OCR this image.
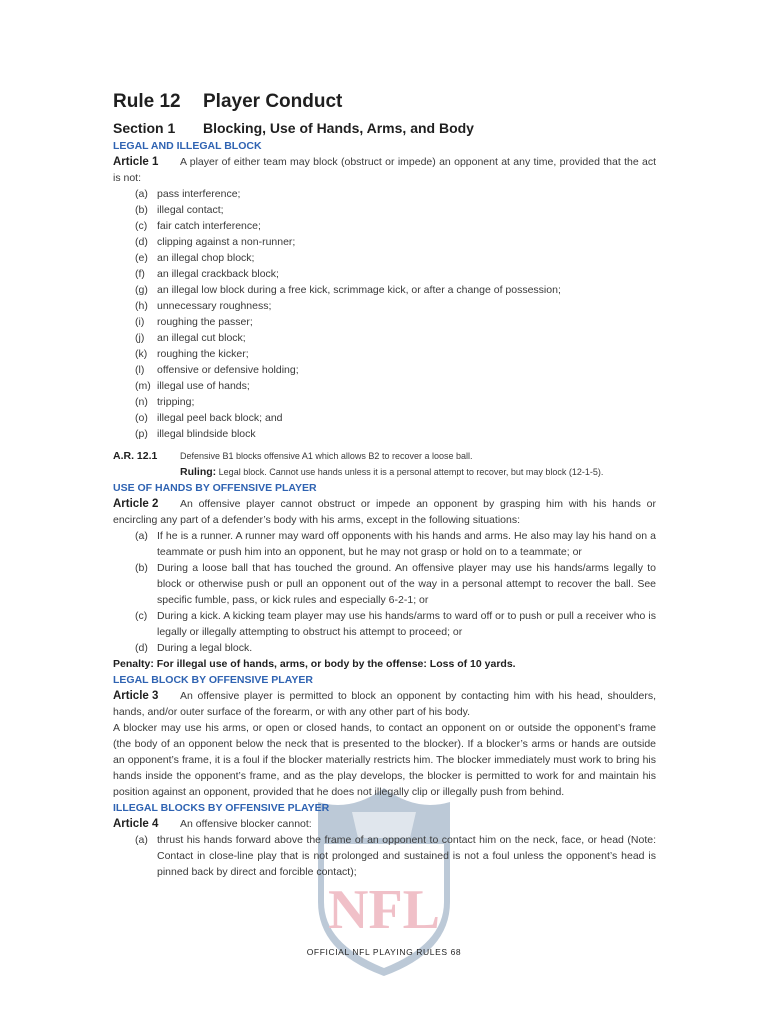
NFL
Rule 12 Player Conduct
Section 1 Blocking, Use of Hands, Arms, and Body
LEGAL AND ILLEGAL BLOCK

Article 1 A player of either team may block (obstruct or impede) an opponent at any time, provided that the act is not:

(a) pass interference;
(b) illegal contact;
(c) fair catch interference;
(d) clipping against a non-runner;
(e) an illegal chop block;
(f)	an illegal crackback block;
(g) an illegal low block during a free kick, scrimmage kick, or after a change of possession;
(h) unnecessary roughness;
(i)	roughing the passer;
(j)	an illegal cut block;
(k) roughing the kicker;
(l)	offensive or defensive holding;
(m) illegal use of hands;
(n) tripping;
(o) illegal peel back block; and
(p) illegal blindside block
A.R. 12.1	Defensive B1 blocks offensive A1 which allows B2 to recover a loose ball.
Ruling: Legal block. Cannot use hands unless it is a personal attempt to recover, but may block (12-1-5).
USE OF HANDS BY OFFENSIVE PLAYER

Article 2 An offensive player cannot obstruct or impede an opponent by grasping him with his hands or encircling any part of a defender’s body with his arms, except in the following situations:

(a) If he is a runner. A runner may ward off opponents with his hands and arms. He also may lay his hand on a teammate or push him into an opponent, but he may not grasp or hold on to a teammate; or
(b) During a loose ball that has touched the ground. An offensive player may use his hands/arms legally to block or otherwise push or pull an opponent out of the way in a personal attempt to recover the ball. See specific fumble, pass, or kick rules and especially 6-2-1; or
(c) During a kick. A kicking team player may use his hands/arms to ward off or to push or pull a receiver who is legally or illegally attempting to obstruct his attempt to proceed; or
(d) During a legal block.

Penalty: For illegal use of hands, arms, or body by the offense: Loss of 10 yards.

LEGAL BLOCK BY OFFENSIVE PLAYER

Article 3 An offensive player is permitted to block an opponent by contacting him with his head, shoulders, hands, and/or outer surface of the forearm, or with any other part of his body.

A blocker may use his arms, or open or closed hands, to contact an opponent on or outside the opponent’s frame (the body of an opponent below the neck that is presented to the blocker). If a blocker’s arms or hands are outside an opponent’s frame, it is a foul if the blocker materially restricts him. The blocker immediately must work to bring his hands inside the opponent’s frame, and as the play develops, the blocker is permitted to work for and maintain his position against an opponent, provided that he does not illegally clip or illegally push from behind.

ILLEGAL BLOCKS BY OFFENSIVE PLAYER

Article 4 An offensive blocker cannot:

(a) thrust his hands forward above the frame of an opponent to contact him on the neck, face, or head (Note: Contact in close-line play that is not prolonged and sustained is not a foul unless the opponent’s head is pinned back by direct and forcible contact);
OFFICIAL NFL PLAYING RULES 68
